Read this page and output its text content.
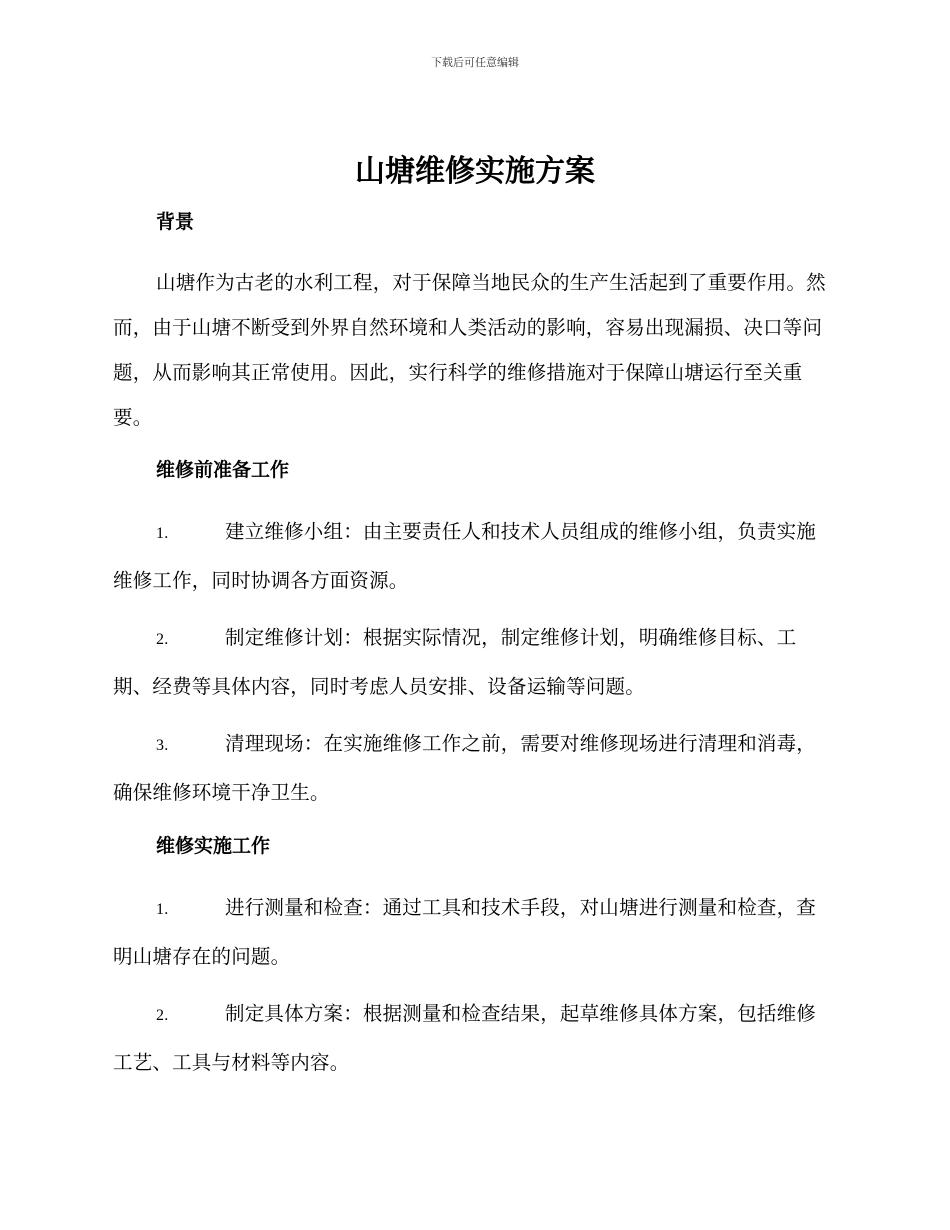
下载后可任意编辑
山塘维修实施方案
背景

山塘作为古老的水利工程，对于保障当地民众的生产生活起到了重要作用。然而，由于山塘不断受到外界自然环境和人类活动的影响，容易出现漏损、决口等问题，从而影响其正常使用。因此，实行科学的维修措施对于保障山塘运行至关重要。

维修前准备工作

1.	建立维修小组：由主要责任人和技术人员组成的维修小组，负责实施维修工作，同时协调各方面资源。

2.	制定维修计划：根据实际情况，制定维修计划，明确维修目标、工期、经费等具体内容，同时考虑人员安排、设备运输等问题。

3.	清理现场：在实施维修工作之前，需要对维修现场进行清理和消毒，确保维修环境干净卫生。

维修实施工作

1.	进行测量和检查：通过工具和技术手段，对山塘进行测量和检查，查明山塘存在的问题。

2.	制定具体方案：根据测量和检查结果，起草维修具体方案，包括维修工艺、工具与材料等内容。
